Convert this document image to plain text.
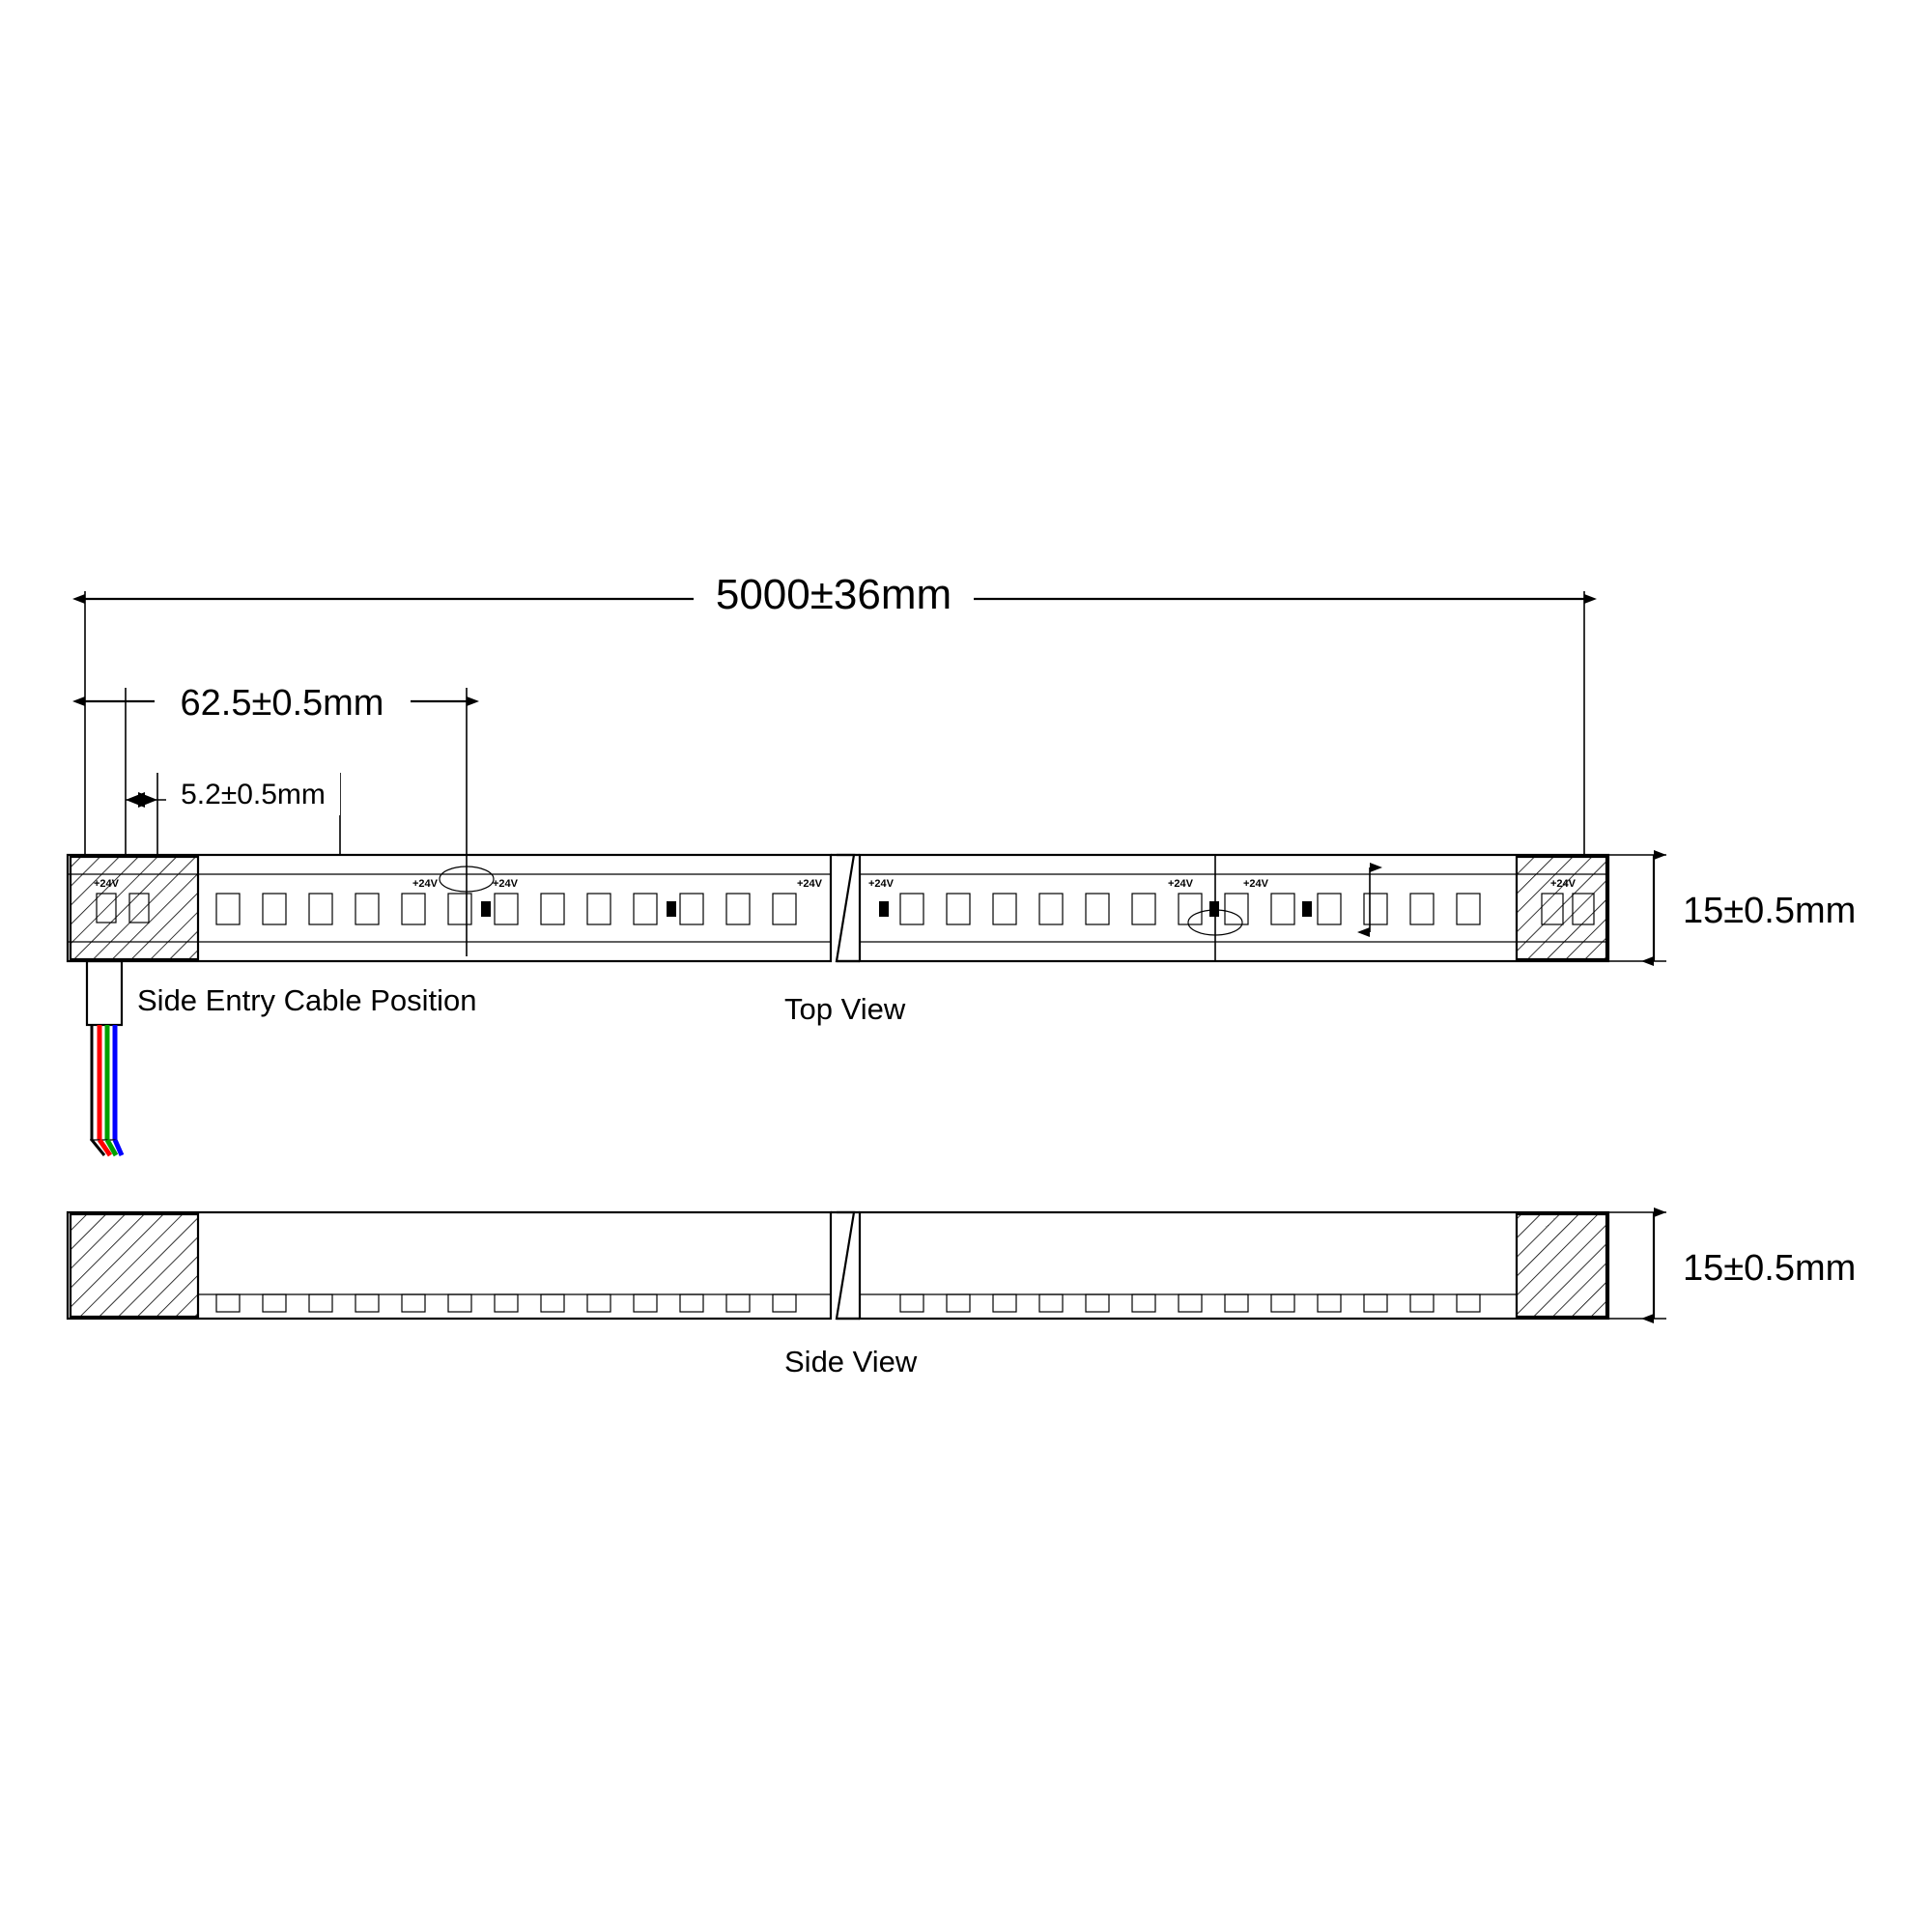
5000±36mm
62.5±0.5mm
5.2±0.5mm
+24V	+24V	+24V	+24V	+24V
+24V	+24V	+24V
15±0.5mm
Side Entry Cable Position	Top View
15±0.5mm
Side View
